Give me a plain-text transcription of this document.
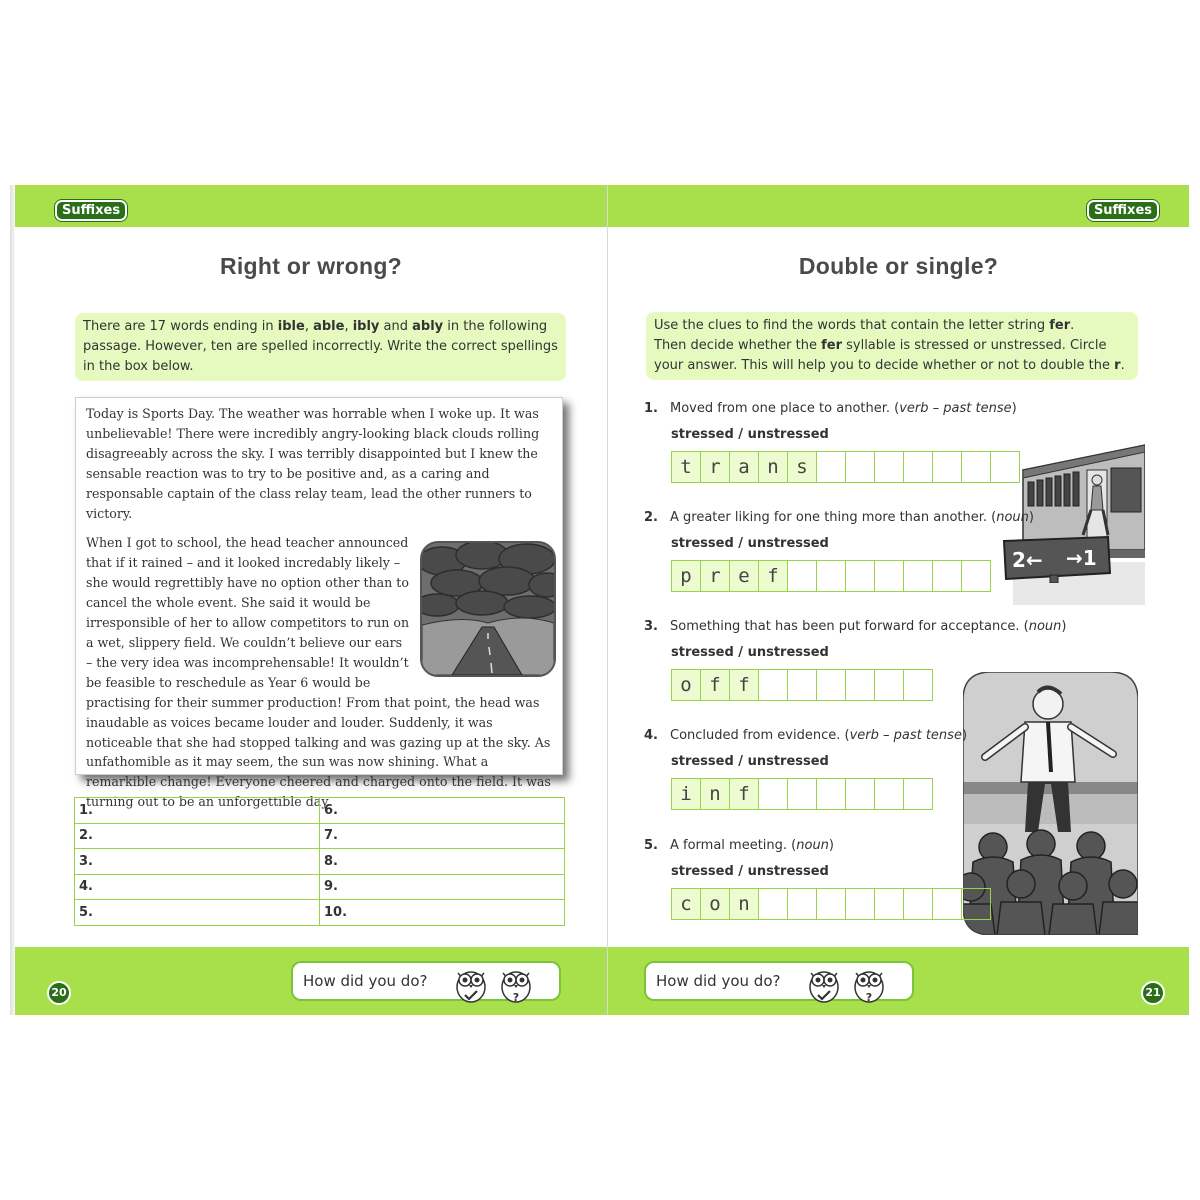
Suffixes
Right or wrong?
There are 17 words ending in ible, able, ibly and ably in the following passage. However, ten are spelled incorrectly. Write the correct spellings in the box below.

Today is Sports Day. The weather was horrable when I woke up. It was unbelievable! There were incredibly angry-looking black clouds rolling disagreeably across the sky. I was terribly disappointed but I knew the sensable reaction was to try to be positive and, as a caring and responsable captain of the class relay team, lead the other runners to victory.

When I got to school, the head teacher announced that if it rained – and it looked incredably likely – she would regrettibly have no option other than to cancel the whole event. She said it would be irresponsible of her to allow competitors to run on a wet, slippery field. We couldn’t believe our ears – the very idea was incomprehensable! It wouldn’t be feasible to reschedule as Year 6 would be practising for their summer production! From that point, the head was inaudable as voices became louder and louder. Suddenly, it was noticeable that she had stopped talking and was gazing up at the sky. As unfathomible as it may seem, the sun was now shining. What a remarkible change! Everyone cheered and charged onto the field. It was turning out to be an unforgettible day.

1.	6.
2.	7.
3.	8.
4.	9.
5.	10.
How did you do?
?
20
Suffixes
Double or single?
Use the clues to find the words that contain the letter string fer.
Then decide whether the fer syllable is stressed or unstressed. Circle
your answer. This will help you to decide whether or not to double the r.
2← →1
How did you do?
?	21
1. Moved from one place to another. (verb – past tense)
stressed / unstressed
t r a n s
2. A greater liking for one thing more than another. (noun)
stressed / unstressed
p r e f
3. Something that has been put forward for acceptance. (noun)
stressed / unstressed
o f f
4. Concluded from evidence. (verb – past tense)
stressed / unstressed
i n f
5. A formal meeting. (noun)
stressed / unstressed
c o n
